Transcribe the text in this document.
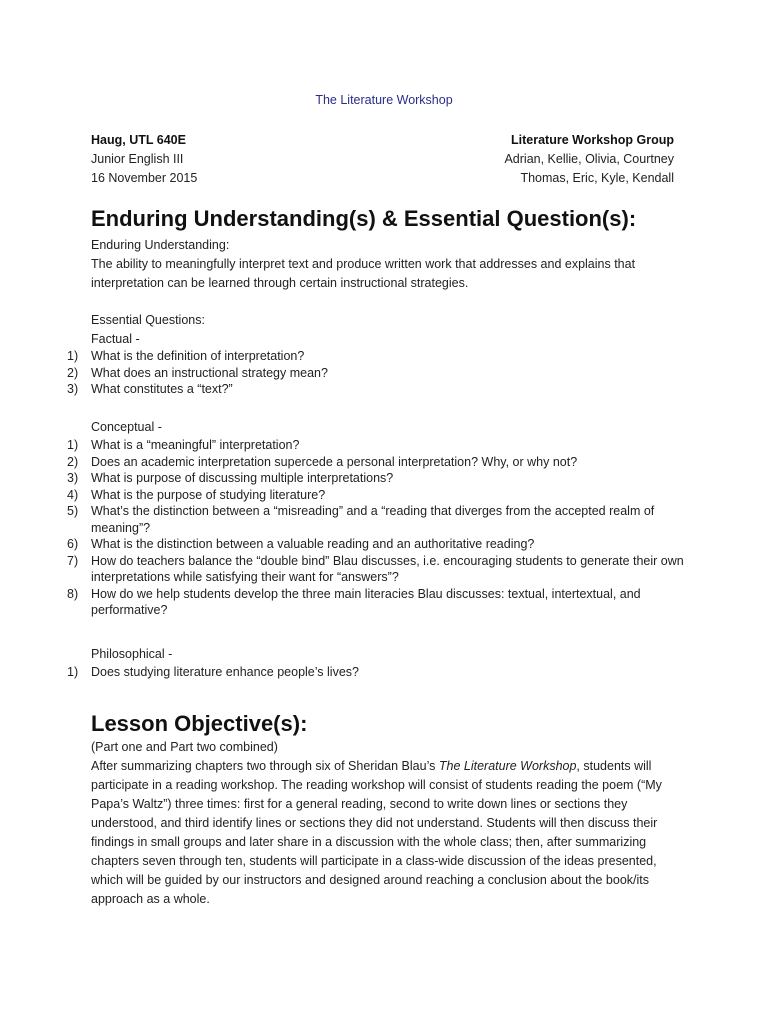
The Literature Workshop
Haug, UTL 640E
Junior English III
16 November 2015
Literature Workshop Group
Adrian, Kellie, Olivia, Courtney
Thomas, Eric, Kyle, Kendall
Enduring Understanding(s) & Essential Question(s):

Enduring Understanding:

The ability to meaningfully interpret text and produce written work that addresses and explains that interpretation can be learned through certain instructional strategies.

Essential Questions:

Factual -

1) What is the definition of interpretation?
2) What does an instructional strategy mean?
3) What constitutes a “text?”

Conceptual -

1) What is a “meaningful” interpretation?
2) Does an academic interpretation supercede a personal interpretation? Why, or why not?
3) What is purpose of discussing multiple interpretations?
4) What is the purpose of studying literature?
5) What’s the distinction between a “misreading” and a “reading that diverges from the accepted realm of meaning”?
6) What is the distinction between a valuable reading and an authoritative reading?
7) How do teachers balance the “double bind” Blau discusses, i.e. encouraging students to generate their own interpretations while satisfying their want for “answers”?
8) How do we help students develop the three main literacies Blau discusses: textual, intertextual, and performative?

Philosophical -

1) Does studying literature enhance people’s lives?
Lesson Objective(s):

(Part one and Part two combined)

After summarizing chapters two through six of Sheridan Blau’s The Literature Workshop, students will participate in a reading workshop. The reading workshop will consist of students reading the poem (“My Papa’s Waltz”) three times: first for a general reading, second to write down lines or sections they understood, and third identify lines or sections they did not understand. Students will then discuss their findings in small groups and later share in a discussion with the whole class; then, after summarizing chapters seven through ten, students will participate in a class-wide discussion of the ideas presented, which will be guided by our instructors and designed around reaching a conclusion about the book/its approach as a whole.
